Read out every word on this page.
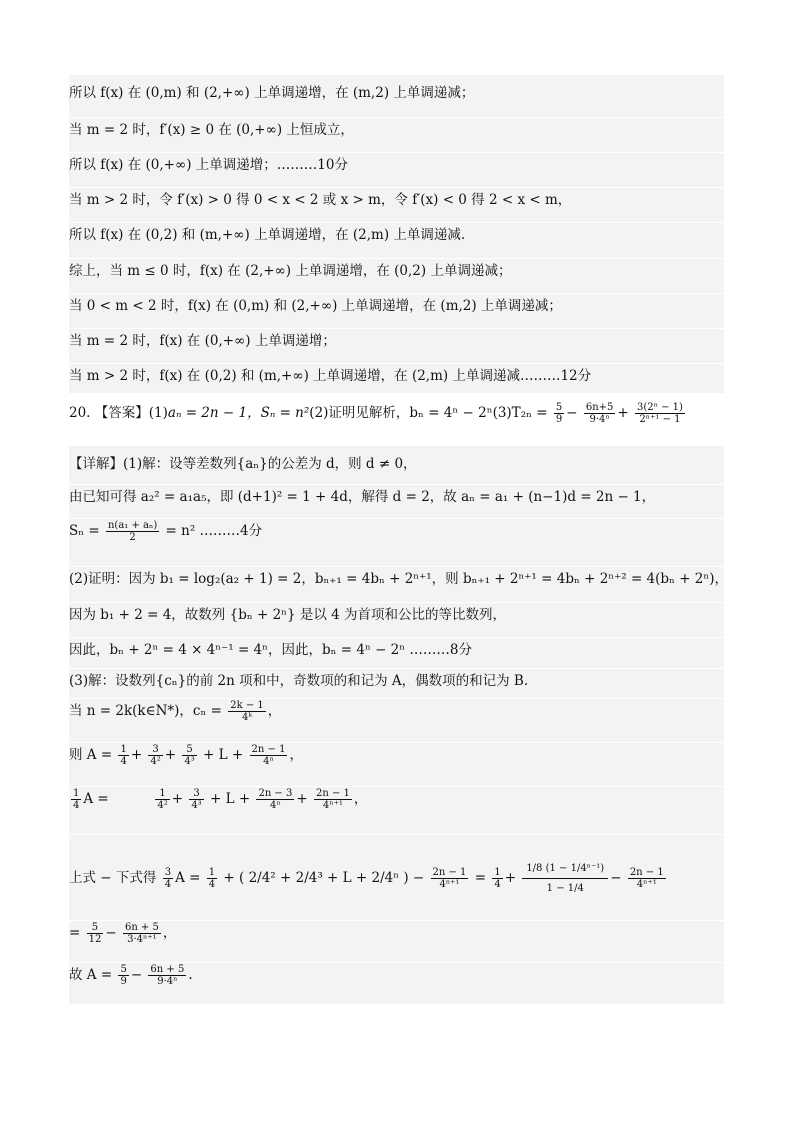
所以 f(x) 在 (0,m) 和 (2,+∞) 上单调递增，在 (m,2) 上单调递减；
当 m = 2 时，f′(x) ≥ 0 在 (0,+∞) 上恒成立，
所以 f(x) 在 (0,+∞) 上单调递增；………10分
当 m > 2 时，令 f′(x) > 0 得 0 < x < 2 或 x > m，令 f′(x) < 0 得 2 < x < m，
所以 f(x) 在 (0,2) 和 (m,+∞) 上单调递增，在 (2,m) 上单调递减.
综上，当 m ≤ 0 时，f(x) 在 (2,+∞) 上单调递增，在 (0,2) 上单调递减；
当 0 < m < 2 时，f(x) 在 (0,m) 和 (2,+∞) 上单调递增，在 (m,2) 上单调递减；
当 m = 2 时，f(x) 在 (0,+∞) 上单调递增；
当 m > 2 时，f(x) 在 (0,2) 和 (m,+∞) 上单调递增，在 (2,m) 上单调递减………12分
20. 【答案】(1)aₙ = 2n − 1，Sₙ = n²(2)证明见解析，$b_n = 4^n - 2^n(3)T_{2n} = \frac{5}{9} - \frac{6n+5}{\text{9·4ⁿ}} + \frac{\text{3(2ⁿ − 1)}}{\text{2ⁿ⁺¹ − 1}}$
【详解】(1)解：设等差数列{aₙ}的公差为 d，则 d ≠ 0，
由已知可得 a₂² = a₁a₅，即 (d+1)² = 1 + 4d，解得 d = 2，故 aₙ = a₁ + (n−1)d = 2n − 1，
$S_n = \frac{\text{n(a₁ + aₙ)}}{2} = n^2$ ………4分
(2)证明：因为 b₁ = log₂(a₂ + 1) = 2，bₙ₊₁ = 4bₙ + 2ⁿ⁺¹，则 bₙ₊₁ + 2ⁿ⁺¹ = 4bₙ + 2ⁿ⁺² = 4(bₙ + 2ⁿ)，
因为 b₁ + 2 = 4，故数列 {bₙ + 2ⁿ} 是以 4 为首项和公比的等比数列，
因此，bₙ + 2ⁿ = 4 × 4ⁿ⁻¹ = 4ⁿ，因此，bₙ = 4ⁿ − 2ⁿ ………8分
(3)解：设数列{cₙ}的前 2n 项和中，奇数项的和记为 A，偶数项的和记为 B.
当 n = 2k(k∈N*)，$c_n = \frac{2k - 1}{\text{4ᵏ}}$ ，
则 $A = \frac{1}{4} + \frac{3}{\text{4²}} + \frac{5}{\text{4³}} + L + \frac{2n - 1}{\text{4ⁿ}}$ ，
$\frac{1}{4}$ A =	$\frac{1}{\text{4²}} + \frac{3}{\text{4³}} + L + \frac{2n - 3}{\text{4ⁿ}} + \frac{2n - 1}{\text{4ⁿ⁺¹}}$ ，
上式 − 下式得 $\frac{3}{4}$ $A = \frac{1}{4}$ + ( 2/4² + 2/4³ + L + 2/4ⁿ ) − $\frac{2n - 1}{\text{4ⁿ⁺¹}} = \frac{1}{4} + \frac{\text{1/8 (1 − 1/4ⁿ⁻¹)}}{1 - 1/4} - \frac{2n - 1}{\text{4ⁿ⁺¹}}$
= $\frac{5}{12} - \frac{6n + 5}{\text{3·4ⁿ⁺¹}}$ ，
故 $A = \frac{5}{9} - \frac{6n + 5}{\text{9·4ⁿ}}$ .
